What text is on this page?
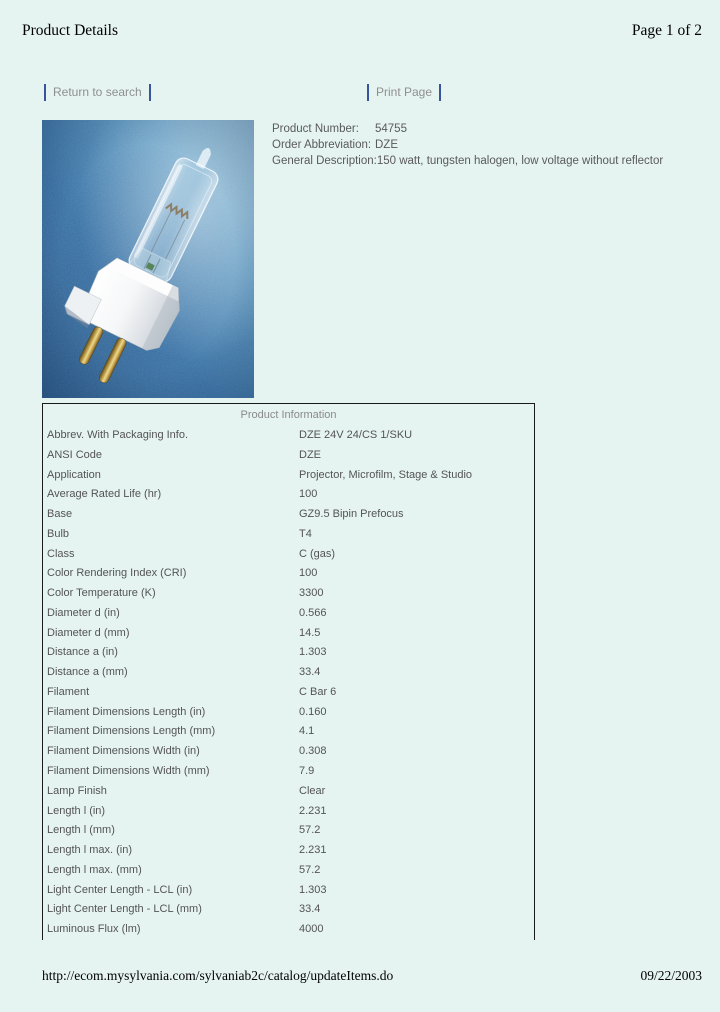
Product Details	Page 1 of 2
Return to search	Print Page
Product Number:	54755
Order Abbreviation: DZE
General Description: 150 watt, tungsten halogen, low voltage without reflector
Product Information
Abbrev. With Packaging Info.	DZE 24V 24/CS 1/SKU
ANSI Code	DZE
Application	Projector, Microfilm, Stage & Studio
Average Rated Life (hr)	100
Base	GZ9.5 Bipin Prefocus
Bulb	T4
Class	C (gas)
Color Rendering Index (CRI)	100
Color Temperature (K)	3300
Diameter d (in)	0.566
Diameter d (mm)	14.5
Distance a (in)	1.303
Distance a (mm)	33.4
Filament	C Bar 6
Filament Dimensions Length (in)	0.160
Filament Dimensions Length (mm)	4.1
Filament Dimensions Width (in)	0.308
Filament Dimensions Width (mm)	7.9
Lamp Finish	Clear
Length l (in)	2.231
Length l (mm)	57.2
Length l max. (in)	2.231
Length l max. (mm)	57.2
Light Center Length - LCL (in)	1.303
Light Center Length - LCL (mm)	33.4
Luminous Flux (lm)	4000
http://ecom.mysylvania.com/sylvaniab2c/catalog/updateItems.do	09/22/2003
